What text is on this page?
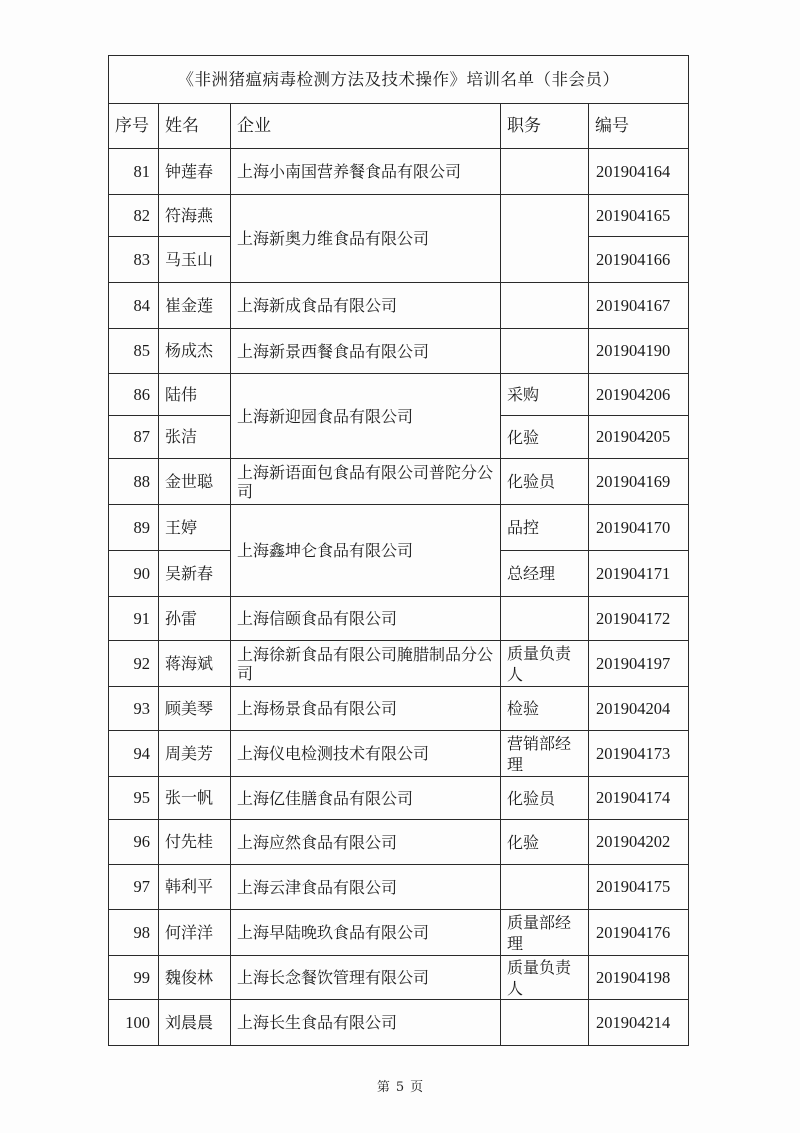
《非洲猪瘟病毒检测方法及技术操作》培训名单（非会员）				
序号	姓名	企业	职务	编号
81	钟莲春	上海小南国营养餐食品有限公司		201904164
82	符海燕	上海新奥力维食品有限公司		201904165
83	马玉山			201904166
84	崔金莲	上海新成食品有限公司		201904167
85	杨成杰	上海新景西餐食品有限公司		201904190
86	陆伟	上海新迎园食品有限公司	采购	201904206
87	张洁		化验	201904205
88	金世聪	上海新语面包食品有限公司普陀分公司	化验员	201904169
89	王婷	上海鑫坤仑食品有限公司	品控	201904170
90	吴新春		总经理	201904171
91	孙雷	上海信颐食品有限公司		201904172
92	蒋海斌	上海徐新食品有限公司腌腊制品分公司	质量负责人	201904197
93	顾美琴	上海杨景食品有限公司	检验	201904204
94	周美芳	上海仪电检测技术有限公司	营销部经理	201904173
95	张一帆	上海亿佳膳食品有限公司	化验员	201904174
96	付先桂	上海应然食品有限公司	化验	201904202
97	韩利平	上海云津食品有限公司		201904175
98	何洋洋	上海早陆晚玖食品有限公司	质量部经理	201904176
99	魏俊林	上海长念餐饮管理有限公司	质量负责人	201904198
100	刘晨晨	上海长生食品有限公司		201904214
第 5 页
